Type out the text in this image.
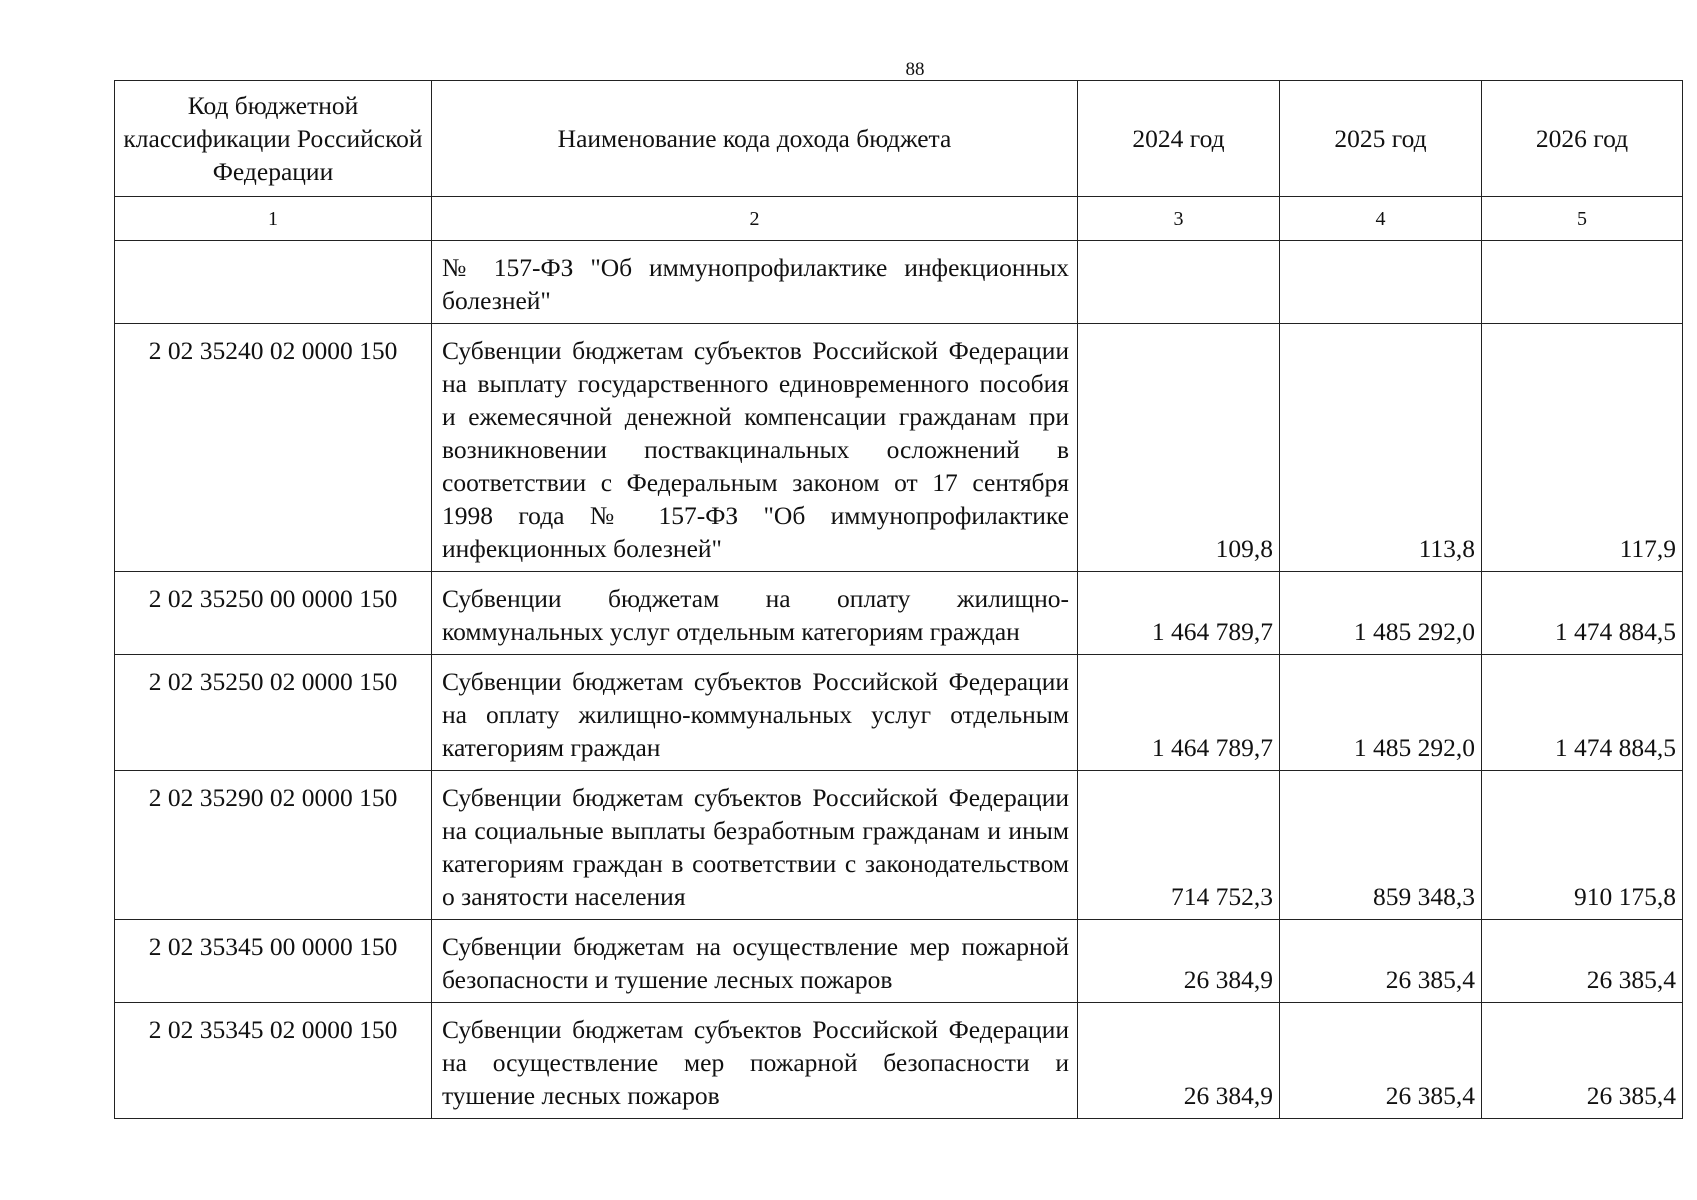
88
Код бюджетной классификации Российской Федерации	Наименование кода дохода бюджета	2024 год	2025 год	2026 год
1	2	3	4	5
	№ 157-ФЗ "Об иммунопрофилактике инфекционных болезней"			
2 02 35240 02 0000 150	Субвенции бюджетам субъектов Российской Федерации на выплату государственного единовременного пособия и ежемесячной денежной компенсации гражданам при возникновении поствакцинальных осложнений в соответствии с Федеральным законом от 17 сентября 1998 года № 157-ФЗ "Об иммунопрофилактике инфекционных болезней"	109,8	113,8	117,9
2 02 35250 00 0000 150	Субвенции бюджетам на оплату жилищно-коммунальных услуг отдельным категориям граждан	1 464 789,7	1 485 292,0	1 474 884,5
2 02 35250 02 0000 150	Субвенции бюджетам субъектов Российской Федерации на оплату жилищно-коммунальных услуг отдельным категориям граждан	1 464 789,7	1 485 292,0	1 474 884,5
2 02 35290 02 0000 150	Субвенции бюджетам субъектов Российской Федерации на социальные выплаты безработным гражданам и иным категориям граждан в соответствии с законодательством о занятости населения	714 752,3	859 348,3	910 175,8
2 02 35345 00 0000 150	Субвенции бюджетам на осуществление мер пожарной безопасности и тушение лесных пожаров	26 384,9	26 385,4	26 385,4
2 02 35345 02 0000 150	Субвенции бюджетам субъектов Российской Федерации на осуществление мер пожарной безопасности и тушение лесных пожаров	26 384,9	26 385,4	26 385,4
